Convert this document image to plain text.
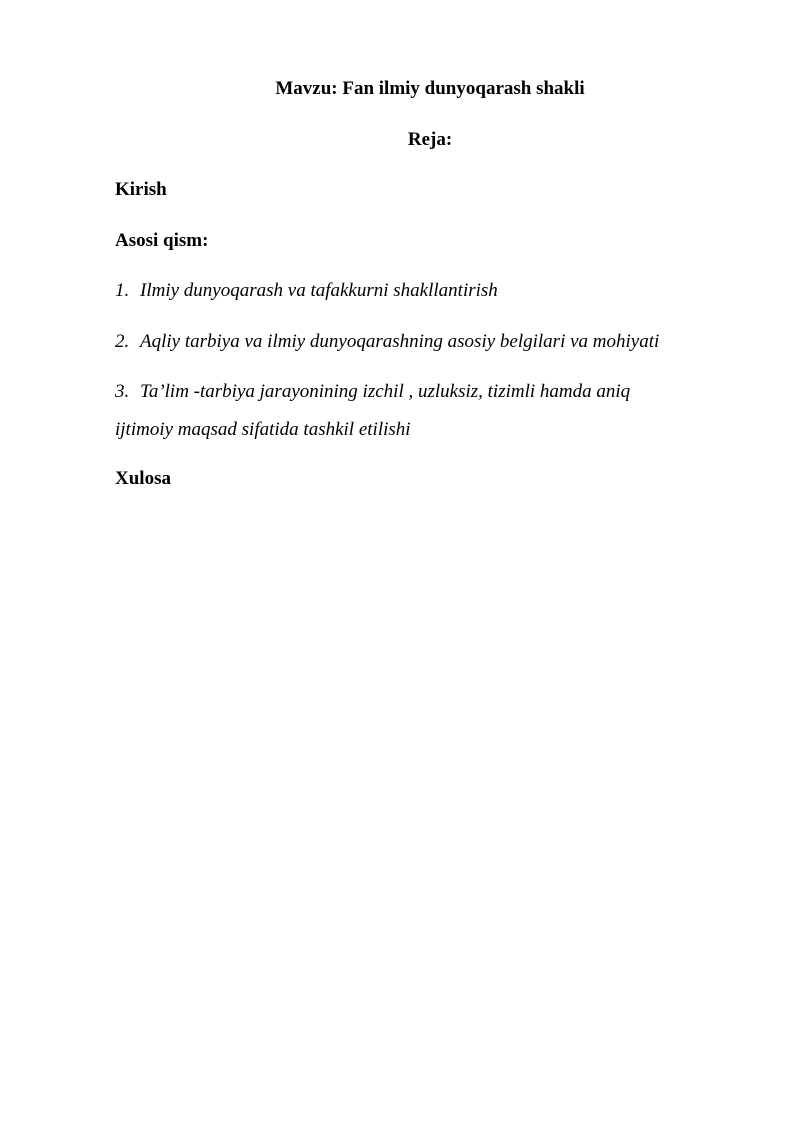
Mavzu: Fan ilmiy dunyoqarash shakli
Reja:
Kirish
Asosi qism:
1. Ilmiy dunyoqarash va tafakkurni shakllantirish
2. Aqliy tarbiya va ilmiy dunyoqarashning asosiy belgilari va mohiyati
3. Ta’lim -tarbiya jarayonining izchil , uzluksiz, tizimli hamda aniq
ijtimoiy maqsad sifatida tashkil etilishi
Xulosa
